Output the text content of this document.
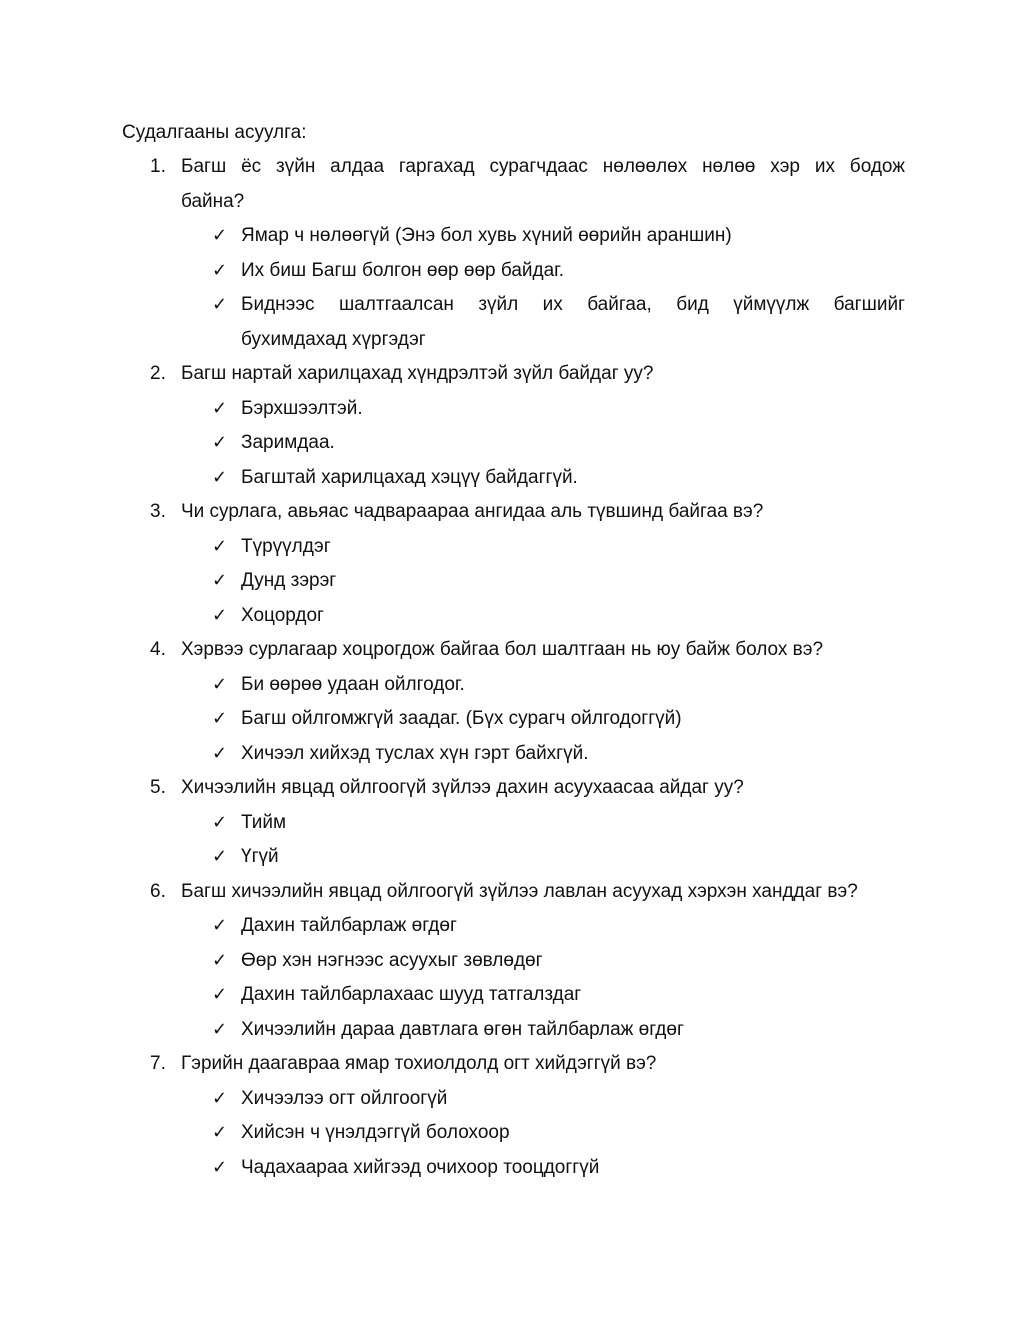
Судалгааны асуулга:
1. Багш ёс зүйн алдаа гаргахад сурагчдаас нөлөөлөх нөлөө хэр их бодож
байна?
✓ Ямар ч нөлөөгүй (Энэ бол хувь хүний өөрийн араншин)
✓ Их биш Багш болгон өөр өөр байдаг.
✓ Биднээс шалтгаалсан зүйл их байгаа, бид үймүүлж багшийг
бухимдахад хүргэдэг
2. Багш нартай харилцахад хүндрэлтэй зүйл байдаг уу?
✓ Бэрхшээлтэй.
✓ Заримдаа.
✓ Багштай харилцахад хэцүү байдаггүй.
3. Чи сурлага, авьяас чадвараараа ангидаа аль түвшинд байгаа вэ?
✓ Түрүүлдэг
✓ Дунд зэрэг
✓ Хоцордог
4. Хэрвээ сурлагаар хоцрогдож байгаа бол шалтгаан нь юу байж болох вэ?
✓ Би өөрөө удаан ойлгодог.
✓ Багш ойлгомжгүй заадаг. (Бүх сурагч ойлгодоггүй)
✓ Хичээл хийхэд туслах хүн гэрт байхгүй.
5. Хичээлийн явцад ойлгоогүй зүйлээ дахин асуухаасаа айдаг уу?
✓ Тийм
✓ Үгүй
6. Багш хичээлийн явцад ойлгоогүй зүйлээ лавлан асуухад хэрхэн ханддаг вэ?
✓ Дахин тайлбарлаж өгдөг
✓ Өөр хэн нэгнээс асуухыг зөвлөдөг
✓ Дахин тайлбарлахаас шууд татгалздаг
✓ Хичээлийн дараа давтлага өгөн тайлбарлаж өгдөг
7. Гэрийн даагавраа ямар тохиолдолд огт хийдэггүй вэ?
✓ Хичээлээ огт ойлгоогүй
✓ Хийсэн ч үнэлдэггүй болохоор
✓ Чадахаараа хийгээд очихоор тооцдоггүй
